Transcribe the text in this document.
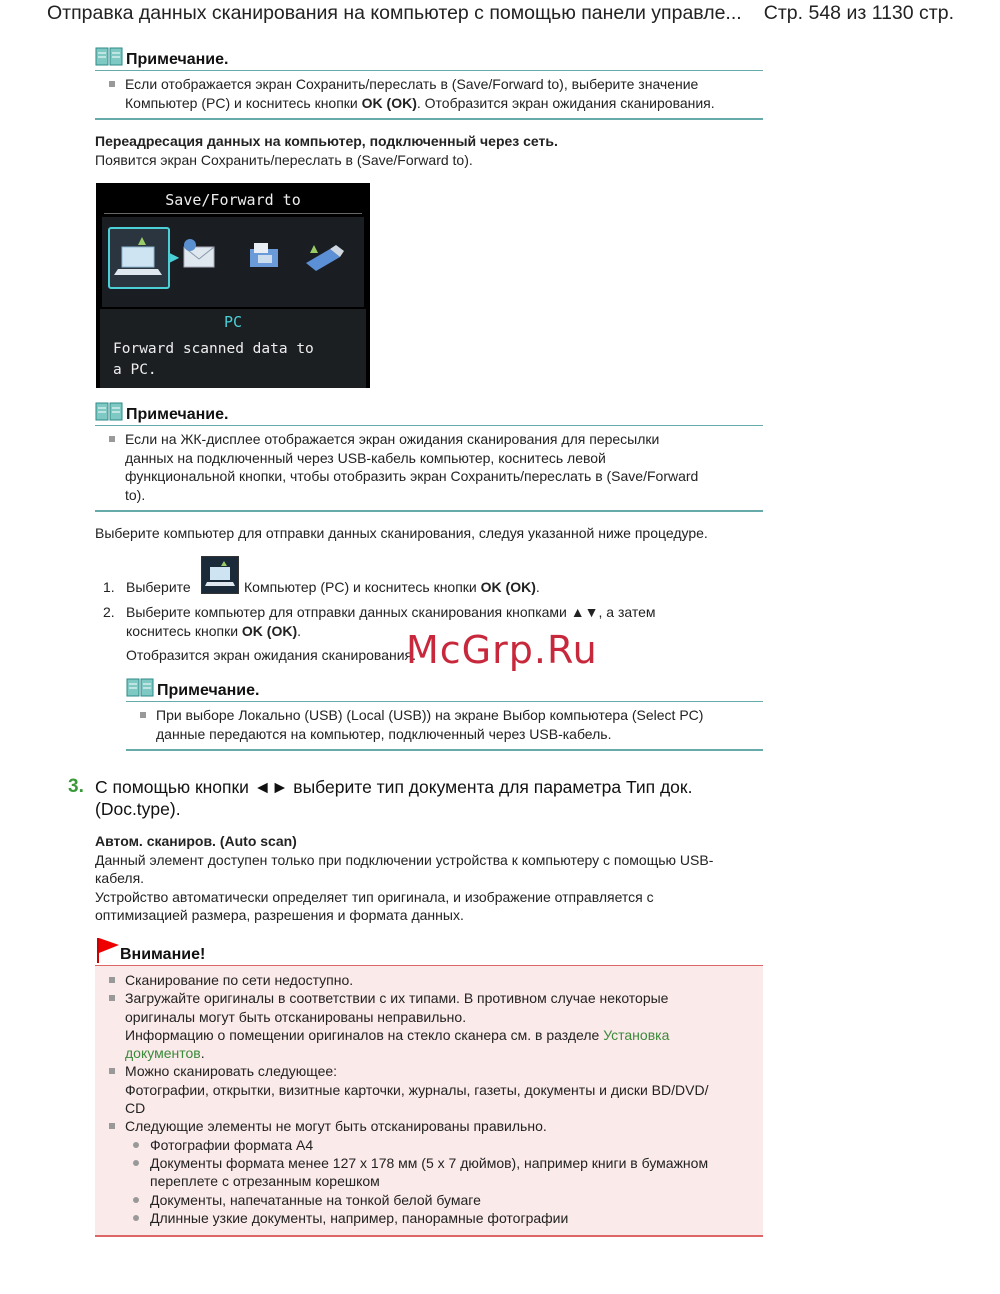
Отправка данных сканирования на компьютер с помощью панели управле... Стр. 548 из 1130 стр.
Примечание.
Если отображается экран Сохранить/переслать в (Save/Forward to), выберите значение
Компьютер (PC) и коснитесь кнопки OK (OK). Отобразится экран ожидания сканирования.
Переадресация данных на компьютер, подключенный через сеть.
Появится экран Сохранить/переслать в (Save/Forward to).
Save/Forward to
▶
PC
Forward scanned data to
a PC.
Примечание.
Если на ЖК-дисплее отображается экран ожидания сканирования для пересылки
данных на подключенный через USB-кабель компьютер, коснитесь левой
функциональной кнопки, чтобы отобразить экран Сохранить/переслать в (Save/Forward
to).
Выберите компьютер для отправки данных сканирования, следуя указанной ниже процедуре.
1. Выберите	Компьютер (PC) и коснитесь кнопки OK (OK).
2. Выберите компьютер для отправки данных сканирования кнопками ▲▼, а затем
коснитесь кнопки OK (OK).
Отобразится экран ожидания сканирования.
Примечание.
При выборе Локально (USB) (Local (USB)) на экране Выбор компьютера (Select PC)
данные передаются на компьютер, подключенный через USB-кабель.
McGrp.Ru
3. С помощью кнопки ◄► выберите тип документа для параметра Тип док.
(Doc.type).
Автом. сканиров. (Auto scan)
Данный элемент доступен только при подключении устройства к компьютеру с помощью USB-
кабеля.
Устройство автоматически определяет тип оригинала, и изображение отправляется с
оптимизацией размера, разрешения и формата данных.
Внимание!
Сканирование по сети недоступно.
Загружайте оригиналы в соответствии с их типами. В противном случае некоторые
оригиналы могут быть отсканированы неправильно.
Информацию о помещении оригиналов на стекло сканера см. в разделе Установка
документов.
Можно сканировать следующее:
Фотографии, открытки, визитные карточки, журналы, газеты, документы и диски BD/DVD/
CD
Следующие элементы не могут быть отсканированы правильно.
Фотографии формата A4
Документы формата менее 127 x 178 мм (5 x 7 дюймов), например книги в бумажном
переплете с отрезанным корешком
Документы, напечатанные на тонкой белой бумаге
Длинные узкие документы, например, панорамные фотографии
